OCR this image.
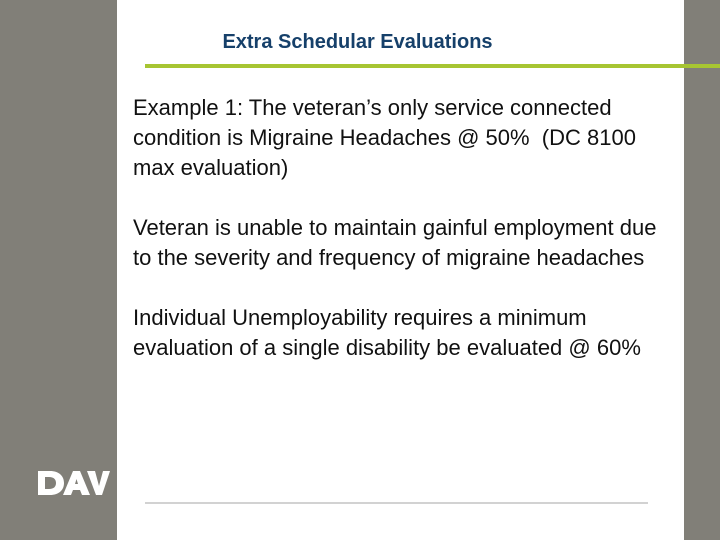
Extra Schedular Evaluations

Example 1: The veteran’s only service connected condition is Migraine Headaches @ 50%  (DC 8100 max evaluation)

Veteran is unable to maintain gainful employment due to the severity and frequency of migraine headaches

Individual Unemployability requires a minimum evaluation of a single disability be evaluated @ 60%
